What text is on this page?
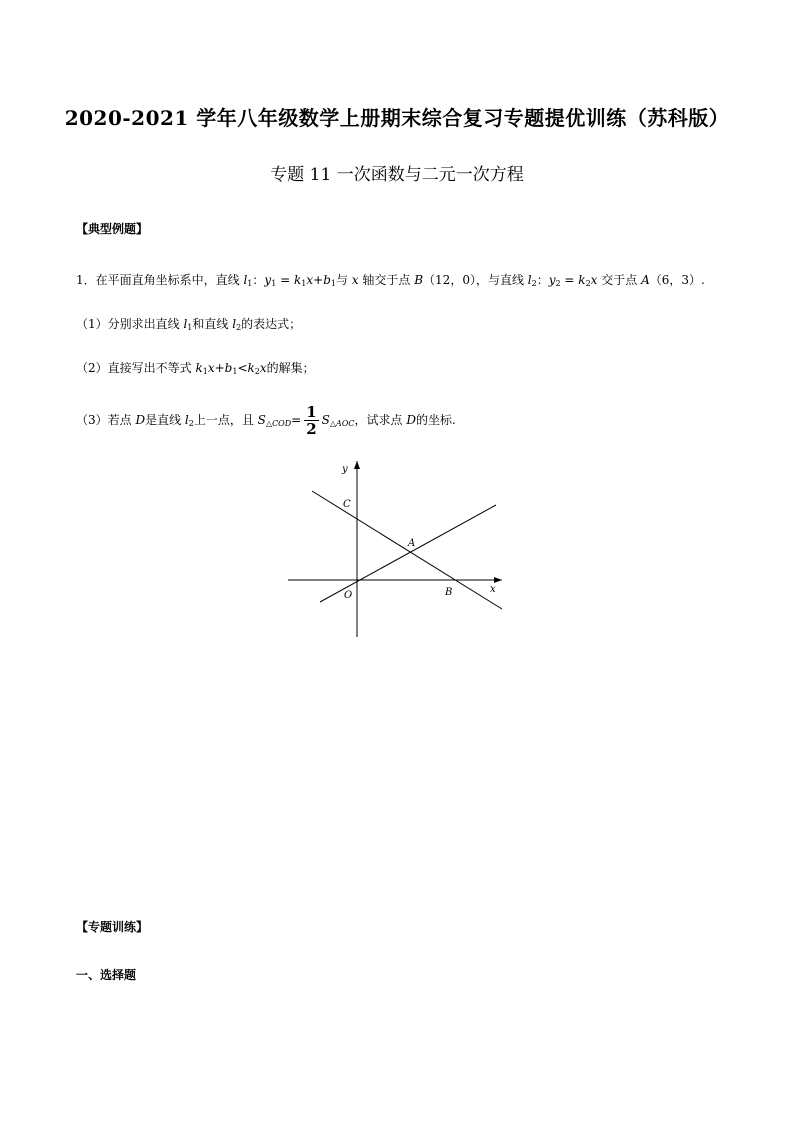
2020-2021 学年八年级数学上册期末综合复习专题提优训练（苏科版）
专题 11 一次函数与二元一次方程
【典型例题】
1．在平面直角坐标系中，直线 $l_1$：$y_1 = k_1x+b_1$与 x 轴交于点 B（12，0），与直线 $l_2$：$y_2 = k_2x$ 交于点 A（6，3）.
（1）分别求出直线 $l_1$和直线 $l_2$的表达式；
（2）直接写出不等式 $k_1x+b_1<k_2x$的解集；
（3）若点 D是直线 $l_2$上一点，且 $S_{\triangle COD}= \frac{1}{2} S_{\triangle AOC}$，试求点 D的坐标.
y
x
C
A
O	B
【专题训练】
一、选择题
